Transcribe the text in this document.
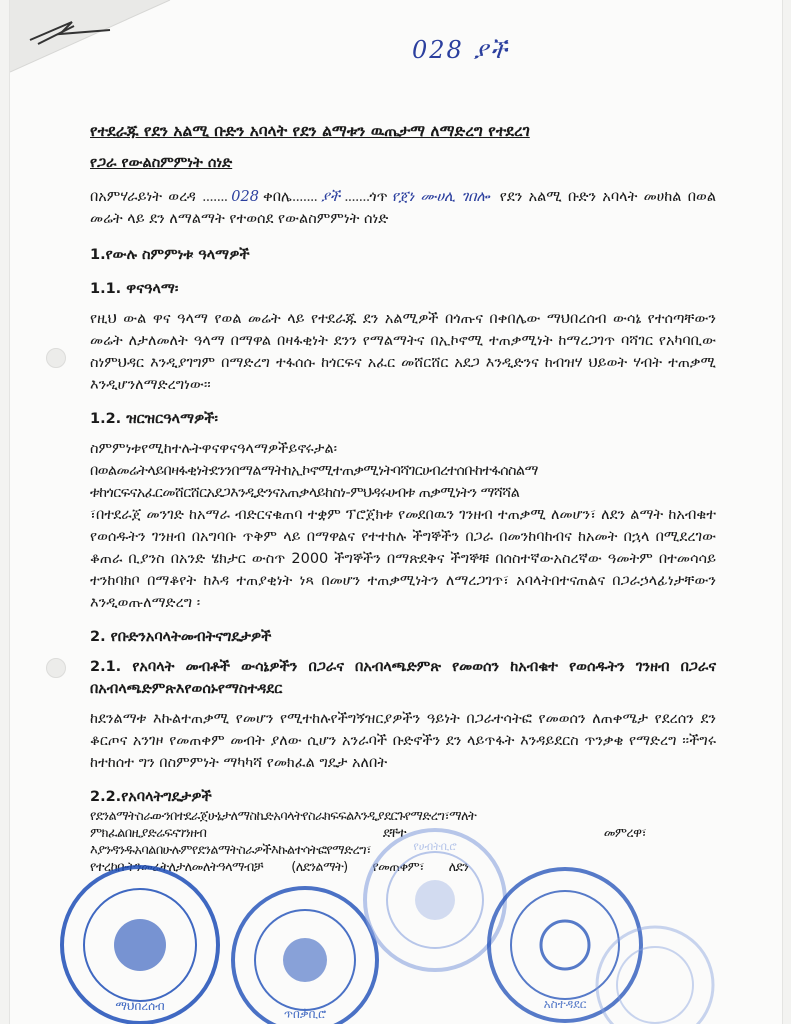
028 ያች

የተደራጁ የደን አልሚ ቡድን አባላት የደን ልማቱን ዉጤታማ ለማድረግ የተደረገ

የጋራ የውልስምምነት ሰነድ

በአምሃራይነት ወረዳ ....... 028 ቀበሌ....... ያች .......ጎጥ የጀነ ሙሀሊ ገበሎ የደን አልሚ ቡድን አባላት መሀከል በወል መሬት ላይ ደን ለማልማት የተወሰደ የውልስምምነት ሰነድ

1.የውሉ ስምምነቱ ዓላማዎች

1.1. ዋናዓላማ፡

የዚህ ውል ዋና ዓላማ የወል መሬት ላይ የተደራጁ ደን አልሚዎች በጎጡና በቀበሌው ማህበረሰብ ውሳኔ የተሰጣቸውን መሬት ለታለመለት ዓላማ በማዋል በዛፋቂነት ደንን የማልማትና በኢኮኖሚ ተጠቃሚነት ከማረጋገጥ ባሻገር የአካባቢው ስነምህዳር እንዲያገግም በማድረግ ተፋሰሱ ከጎርፍና አፈር መሸርሸር አደጋ እንዲድንና ከብዝሃ ህይወት ሃብት ተጠቃሚ እንዲሆንለማድረግነው፡፡

1.2. ዝርዝርዓላማዎች፡

ስምምነቱየሚከተሉትዋናዋናዓላማዎችይኖሩታል፡

በወልመሬትላይበዛፋቂነትደንንበማልማትከኢኮኖሚተጠቃሚነትባሻገርሀብረተሰቡከተፋሰስልማ ቱከጎርፍናአፈርመሸርሸርአደጋእንዲድንናአጠቃላይከስነ-ምህዳሩሀብቱ ጠቃሚነትን ማሻሻል

፣በተደራጀ መንገድ ከአማራ ብድርናቁጠባ ተቋም ፕሮጀክቱ የመደበዉን ገንዘብ ተጠቃሚ ለመሆን፣ ለደን ልማት ከአብቁተ የወሰዱትን ገንዘብ በአግባቡ ጥቅም ላይ በማዋልና የተተከሉ ችግኞችን በጋራ በመንከባከብና ከአመት በኋላ በሚደረገው ቆጠራ ቢያንስ በአንድ ሄክታር ውስጥ 2000 ችግኞችን በማጽደቅና ችግኞቹ በሰስተኛውአስረኛው ዓመትም በተመሳሳይ ተንከባክቦ በማቆየት ከእዳ ተጠያቂነት ነጻ በመሆን ተጠቃሚነትን ለማረጋገጥ፣ አባላትበተናጠልና በጋራኃላፊነታቸውን እንዲወጡለማድረግ ፡

2. የቡድንአባላትመብትናግዴታዎች

2.1. የአባላት መብቶች ውሳኔዎችን በጋራና በአብላጫድምጽ የመወሰን ከአብቁተ የወሰዱትን ገንዘብ በጋራና በአብላጫድምጽእየወሰኑየማስተዳደር

ከደንልማቱ እኩልተጠቃሚ የመሆን የሚተከሉየችግኝዝርያዎችን ዓይነት በጋራተሳትፎ የመወሰን ለጠቀሜታ የደረሰን ደን ቆርጦና አንገዞ የመጠቀም መብት ያለው ሲሆን አንራባች ቡድኖችን ደን ላይጥፋት እንዳይደርስ ጥንቃቄ የማድረግ ፡፡ችግሩ ከተከሰተ ግን በስምምነት ማካካሻ የመክፈል ግዴታ አለበት

2.2.የአባላትግዴታዎች

የደንልማትስራውንበተደራጀሁኔታለማስኬድአባላትየስራክፍፍልእንዲያደርጉየማድረግ፣ማለት

ምክፈልበዚያድሬፍናገንዘብ                                                  ደቸተ                                                        መምረዋ፣

እያንዳንዱአባልበሁሉምየደንልማትስራዎችእኩልተሳትፎየማድረግ፣

የተረከቡትንመሬትለታለመለትዓላማብቻ        (ለደንልማት)       የመጠቀም፣       ለደን

ማህበረሰብ
ጥበቃቢሮ
የሀብትቢሮ
አስተዳደር
